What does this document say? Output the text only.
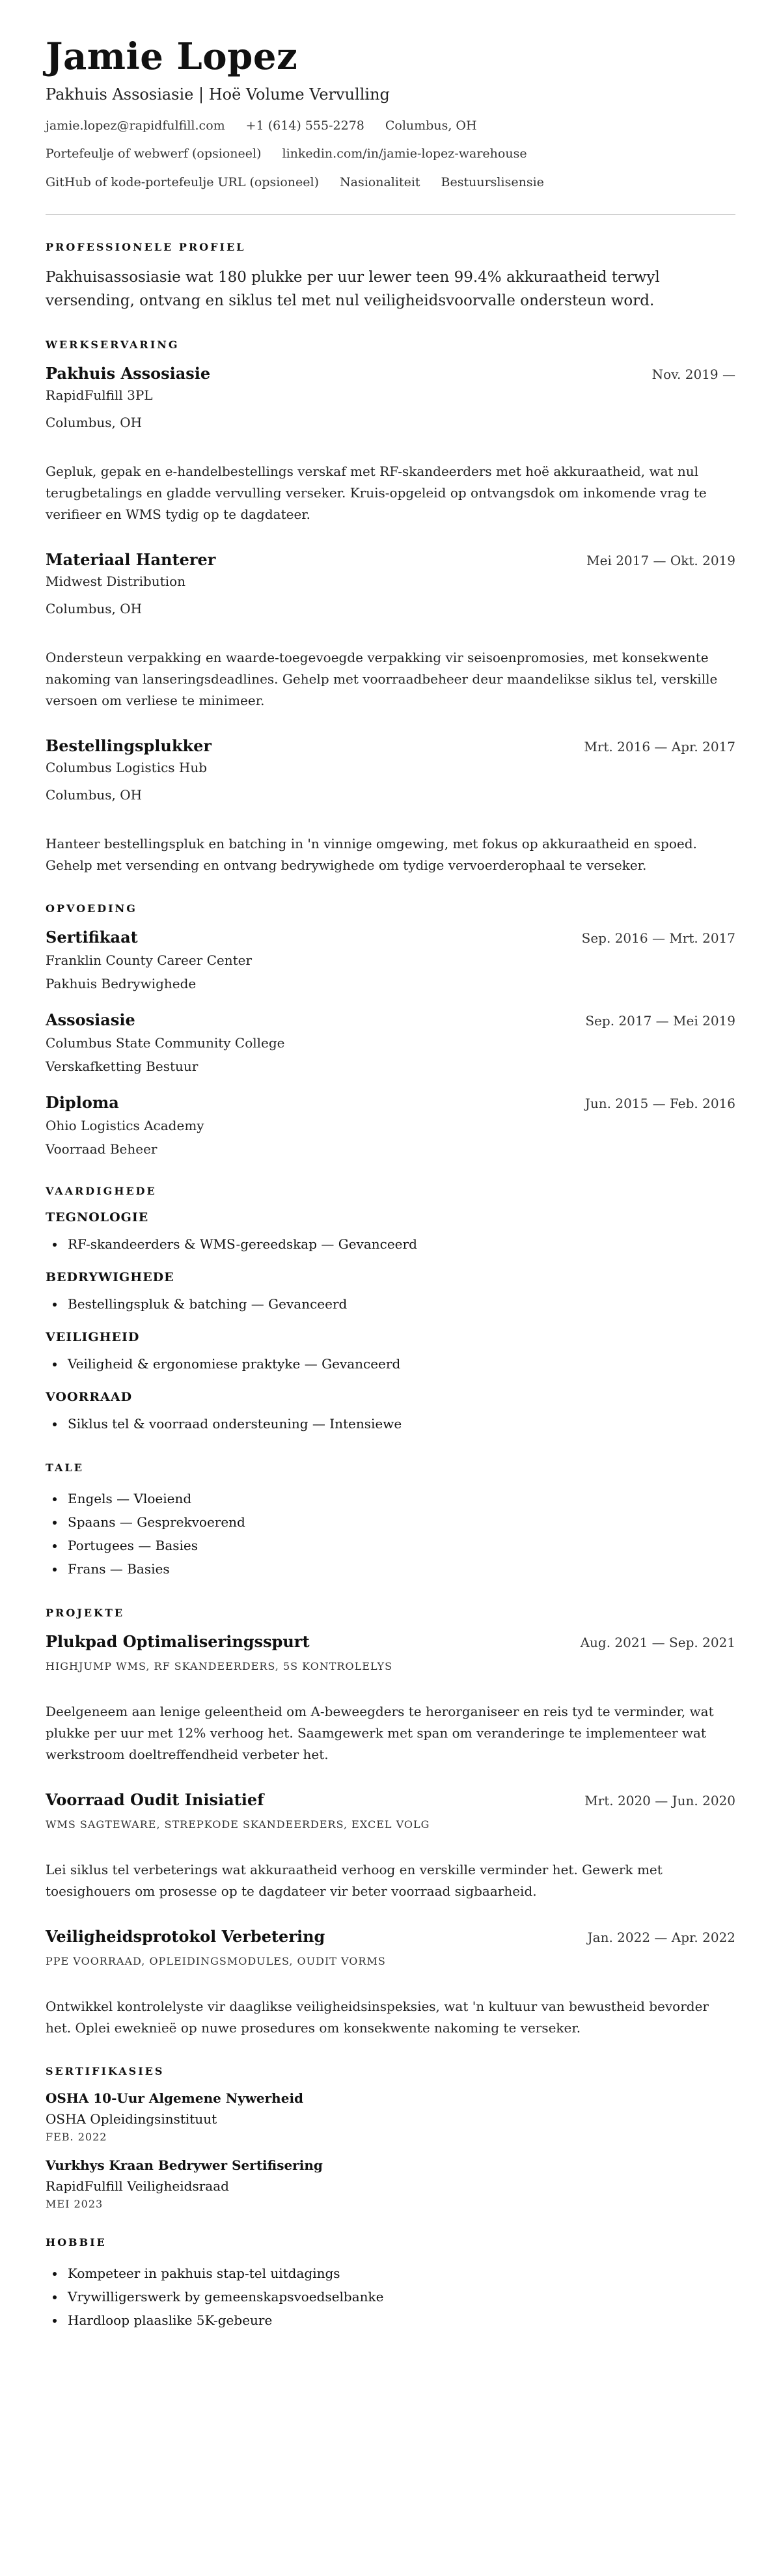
Jamie Lopez
Pakhuis Assosiasie | Hoë Volume Vervulling
jamie.lopez@rapidfulfill.com +1 (614) 555-2278 Columbus, OH
Portefeulje of webwerf (opsioneel) linkedin.com/in/jamie-lopez-warehouse
GitHub of kode-portefeulje URL (opsioneel) Nasionaliteit Bestuurslisensie
PROFESSIONELE PROFIEL

Pakhuisassosiasie wat 180 plukke per uur lewer teen 99.4% akkuraatheid terwyl versending, ontvang en siklus tel met nul veiligheidsvoorvalle ondersteun word.

WERKSERVARING
Pakhuis Assosiasie	Nov. 2019 —
RapidFulfill 3PL
Columbus, OH
Gepluk, gepak en e-handelbestellings verskaf met RF-skandeerders met hoë akkuraatheid, wat nul terugbetalings en gladde vervulling verseker. Kruis-opgeleid op ontvangsdok om inkomende vrag te verifieer en WMS tydig op te dagdateer.
Materiaal Hanterer	Mei 2017 — Okt. 2019
Midwest Distribution
Columbus, OH
Ondersteun verpakking en waarde-toegevoegde verpakking vir seisoenpromosies, met konsekwente nakoming van lanseringsdeadlines. Gehelp met voorraadbeheer deur maandelikse siklus tel, verskille versoen om verliese te minimeer.
Bestellingsplukker	Mrt. 2016 — Apr. 2017
Columbus Logistics Hub
Columbus, OH
Hanteer bestellingspluk en batching in 'n vinnige omgewing, met fokus op akkuraatheid en spoed. Gehelp met versending en ontvang bedrywighede om tydige vervoerderophaal te verseker.
OPVOEDING
Sertifikaat	Sep. 2016 — Mrt. 2017
Franklin County Career Center
Pakhuis Bedrywighede
Assosiasie	Sep. 2017 — Mei 2019
Columbus State Community College
Verskafketting Bestuur
Diploma	Jun. 2015 — Feb. 2016
Ohio Logistics Academy
Voorraad Beheer
VAARDIGHEDE
TEGNOLOGIE
• RF-skandeerders & WMS-gereedskap — Gevanceerd
BEDRYWIGHEDE
• Bestellingspluk & batching — Gevanceerd
VEILIGHEID
• Veiligheid & ergonomiese praktyke — Gevanceerd
VOORRAAD
• Siklus tel & voorraad ondersteuning — Intensiewe
TALE
• Engels — Vloeiend
• Spaans — Gesprekvoerend
• Portugees — Basies
• Frans — Basies
PROJEKTE
Plukpad Optimaliseringsspurt	Aug. 2021 — Sep. 2021
HIGHJUMP WMS, RF SKANDEERDERS, 5S KONTROLELYS
Deelgeneem aan lenige geleentheid om A-beweegders te herorganiseer en reis tyd te verminder, wat plukke per uur met 12% verhoog het. Saamgewerk met span om veranderinge te implementeer wat werkstroom doeltreffendheid verbeter het.
Voorraad Oudit Inisiatief	Mrt. 2020 — Jun. 2020
WMS SAGTEWARE, STREPKODE SKANDEERDERS, EXCEL VOLG
Lei siklus tel verbeterings wat akkuraatheid verhoog en verskille verminder het. Gewerk met toesighouers om prosesse op te dagdateer vir beter voorraad sigbaarheid.
Veiligheidsprotokol Verbetering	Jan. 2022 — Apr. 2022
PPE VOORRAAD, OPLEIDINGSMODULES, OUDIT VORMS
Ontwikkel kontrolelyste vir daaglikse veiligheidsinspeksies, wat 'n kultuur van bewustheid bevorder het. Oplei eweknieë op nuwe prosedures om konsekwente nakoming te verseker.
SERTIFIKASIES
OSHA 10-Uur Algemene Nywerheid
OSHA Opleidingsinstituut
FEB. 2022
Vurkhys Kraan Bedrywer Sertifisering
RapidFulfill Veiligheidsraad
MEI 2023
HOBBIE
• Kompeteer in pakhuis stap-tel uitdagings
• Vrywilligerswerk by gemeenskapsvoedselbanke
• Hardloop plaaslike 5K-gebeure
